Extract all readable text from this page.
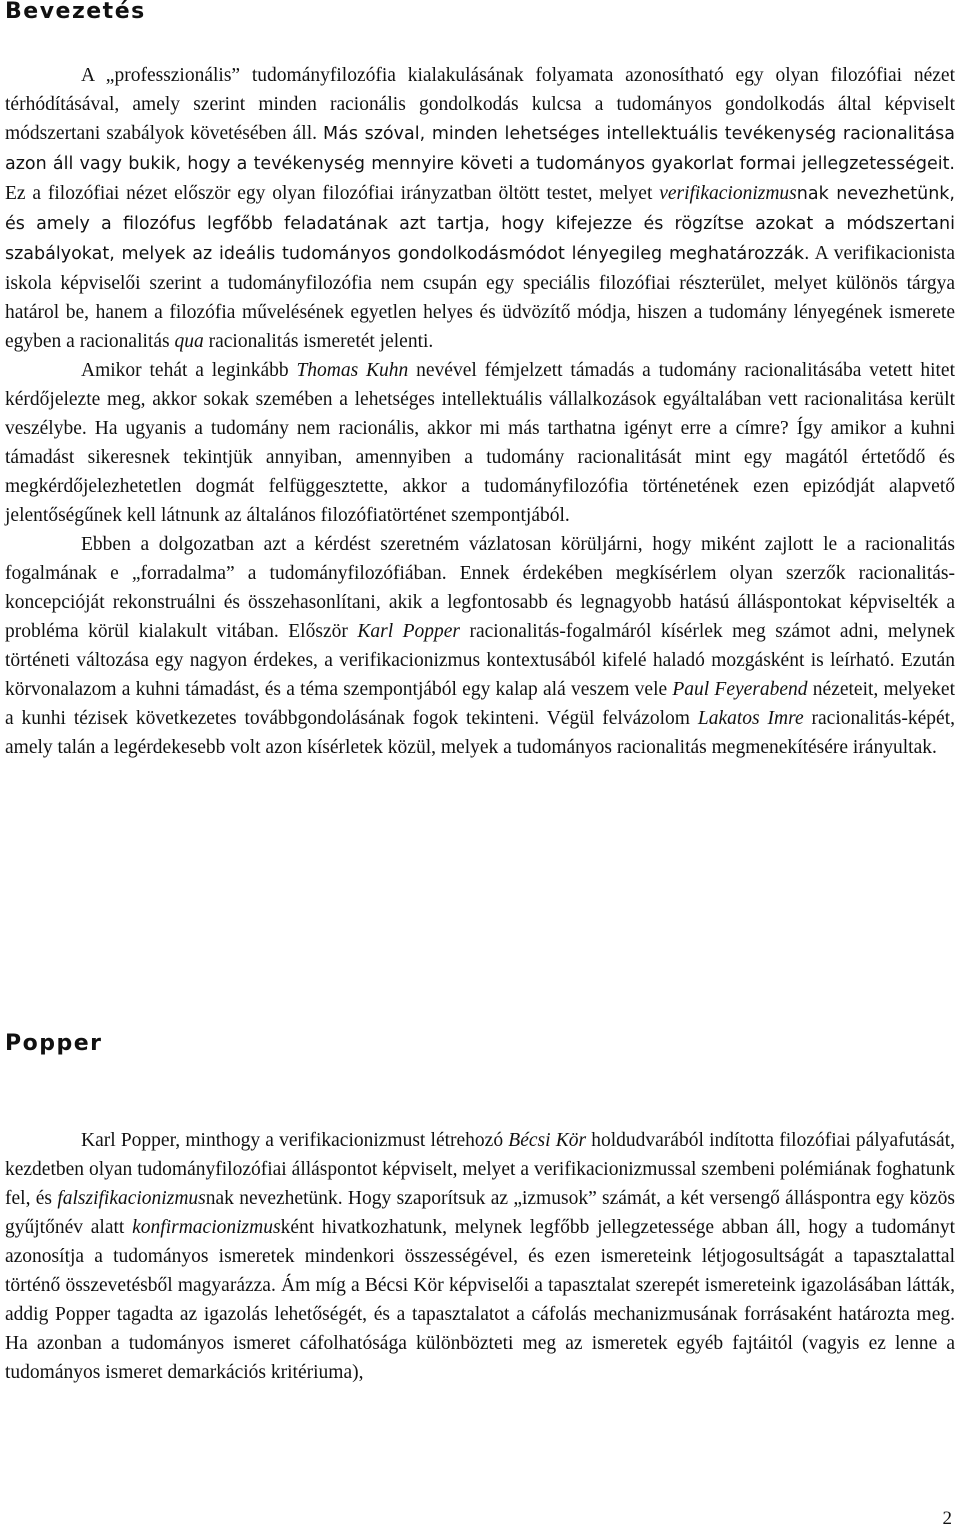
Bevezetés

A „professzionális” tudományfilozófia kialakulásának folyamata azonosítható egy olyan filozófiai nézet térhódításával, amely szerint minden racionális gondolkodás kulcsa a tudományos gondolkodás által képviselt módszertani szabályok követésében áll. Más szóval, minden lehetséges intellektuális tevékenység racionalitása azon áll vagy bukik, hogy a tevékenység mennyire követi a tudományos gyakorlat formai jellegzetességeit. Ez a filozófiai nézet először egy olyan filozófiai irányzatban öltött testet, melyet verifikacionizmusnak nevezhetünk, és amely a filozófus legfőbb feladatának azt tartja, hogy kifejezze és rögzítse azokat a módszertani szabályokat, melyek az ideális tudományos gondolkodásmódot lényegileg meghatározzák. A verifikacionista iskola képviselői szerint a tudományfilozófia nem csupán egy speciális filozófiai részterület, melyet különös tárgya határol be, hanem a filozófia művelésének egyetlen helyes és üdvözítő módja, hiszen a tudomány lényegének ismerete egyben a racionalitás qua racionalitás ismeretét jelenti.

Amikor tehát a leginkább Thomas Kuhn nevével fémjelzett támadás a tudomány racionalitásába vetett hitet kérdőjelezte meg, akkor sokak szemében a lehetséges intellektuális vállalkozások egyáltalában vett racionalitása került veszélybe. Ha ugyanis a tudomány nem racionális, akkor mi más tarthatna igényt erre a címre? Így amikor a kuhni támadást sikeresnek tekintjük annyiban, amennyiben a tudomány racionalitását mint egy magától értetődő és megkérdőjelezhetetlen dogmát felfüggesztette, akkor a tudományfilozófia történetének ezen epizódját alapvető jelentőségűnek kell látnunk az általános filozófiatörténet szempontjából.

Ebben a dolgozatban azt a kérdést szeretném vázlatosan körüljárni, hogy miként zajlott le a racionalitás fogalmának e „forradalma” a tudományfilozófiában. Ennek érdekében megkísérlem olyan szerzők racionalitás-koncepcióját rekonstruálni és összehasonlítani, akik a legfontosabb és legnagyobb hatású álláspontokat képviselték a probléma körül kialakult vitában. Először Karl Popper racionalitás-fogalmáról kísérlek meg számot adni, melynek történeti változása egy nagyon érdekes, a verifikacionizmus kontextusából kifelé haladó mozgásként is leírható. Ezután körvonalazom a kuhni támadást, és a téma szempontjából egy kalap alá veszem vele Paul Feyerabend nézeteit, melyeket a kunhi tézisek következetes továbbgondolásának fogok tekinteni. Végül felvázolom Lakatos Imre racionalitás-képét, amely talán a legérdekesebb volt azon kísérletek közül, melyek a tudományos racionalitás megmenekítésére irányultak.

Popper

Karl Popper, minthogy a verifikacionizmust létrehozó Bécsi Kör holdudvarából indította filozófiai pályafutását, kezdetben olyan tudományfilozófiai álláspontot képviselt, melyet a verifikacionizmussal szembeni polémiának foghatunk fel, és falszifikacionizmusnak nevezhetünk. Hogy szaporítsuk az „izmusok” számát, a két versengő álláspontra egy közös gyűjtőnév alatt konfirmacionizmusként hivatkozhatunk, melynek legfőbb jellegzetessége abban áll, hogy a tudományt azonosítja a tudományos ismeretek mindenkori összességével, és ezen ismereteink létjogosultságát a tapasztalattal történő összevetésből magyarázza. Ám míg a Bécsi Kör képviselői a tapasztalat szerepét ismereteink igazolásában látták, addig Popper tagadta az igazolás lehetőségét, és a tapasztalatot a cáfolás mechanizmusának forrásaként határozta meg. Ha azonban a tudományos ismeret cáfolhatósága különbözteti meg az ismeretek egyéb fajtáitól (vagyis ez lenne a tudományos ismeret demarkációs kritériuma),

2
